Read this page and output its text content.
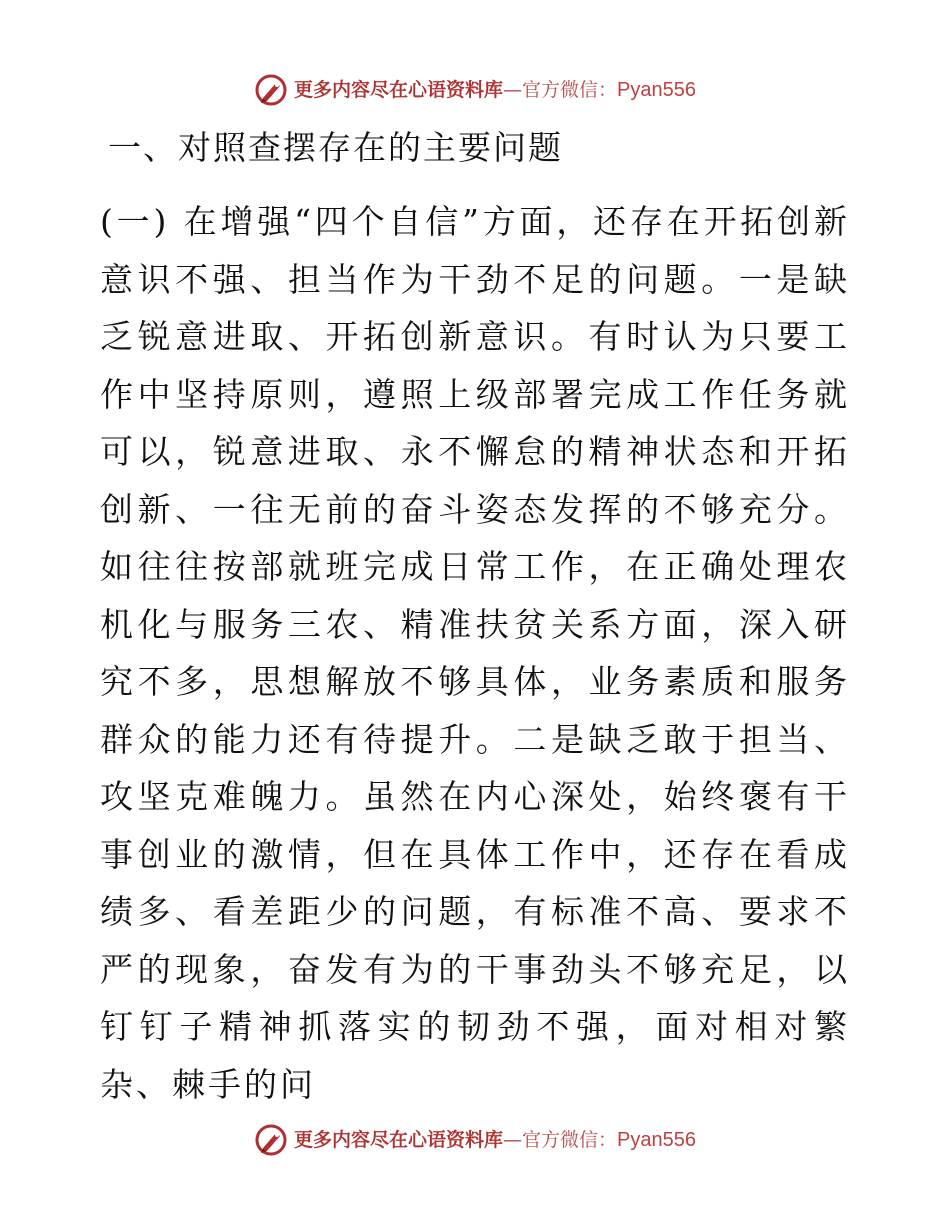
更多内容尽在心语资料库—官方微信：Pyan556
一、对照查摆存在的主要问题
(一) 在增强“四个自信”方面，还存在开拓创新意识不强、担当作为干劲不足的问题。一是缺乏锐意进取、开拓创新意识。有时认为只要工作中坚持原则，遵照上级部署完成工作任务就可以，锐意进取、永不懈怠的精神状态和开拓创新、一往无前的奋斗姿态发挥的不够充分。如往往按部就班完成日常工作，在正确处理农机化与服务三农、精准扶贫关系方面，深入研究不多，思想解放不够具体，业务素质和服务群众的能力还有待提升。二是缺乏敢于担当、攻坚克难魄力。虽然在内心深处，始终褒有干事创业的激情，但在具体工作中，还存在看成绩多、看差距少的问题，有标准不高、要求不严的现象，奋发有为的干事劲头不够充足，以钉钉子精神抓落实的韧劲不强，面对相对繁杂、棘手的问
更多内容尽在心语资料库—官方微信：Pyan556
